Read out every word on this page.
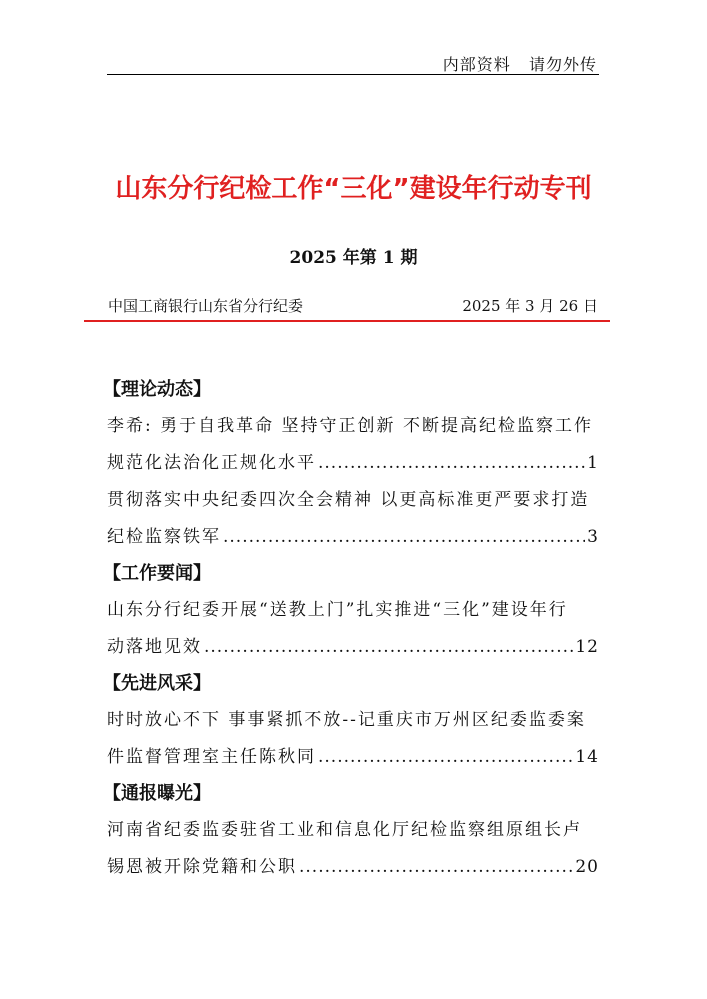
内部资料   请勿外传
山东分行纪检工作“三化”建设年行动专刊
2025 年第 1 期
中国工商银行山东省分行纪委	2025 年 3 月 26 日
【理论动态】
李希: 勇于自我革命 坚持守正创新 不断提高纪检监察工作
规范化法治化正规化水平 .....	1
贯彻落实中央纪委四次全会精神 以更高标准更严要求打造
纪检监察铁军 .....	3
【工作要闻】
山东分行纪委开展“送教上门”扎实推进“三化”建设年行
动落地见效 .....	12
【先进风采】
时时放心不下 事事紧抓不放--记重庆市万州区纪委监委案
件监督管理室主任陈秋同 .....	14
【通报曝光】
河南省纪委监委驻省工业和信息化厅纪检监察组原组长卢
锡恩被开除党籍和公职 .....	20
